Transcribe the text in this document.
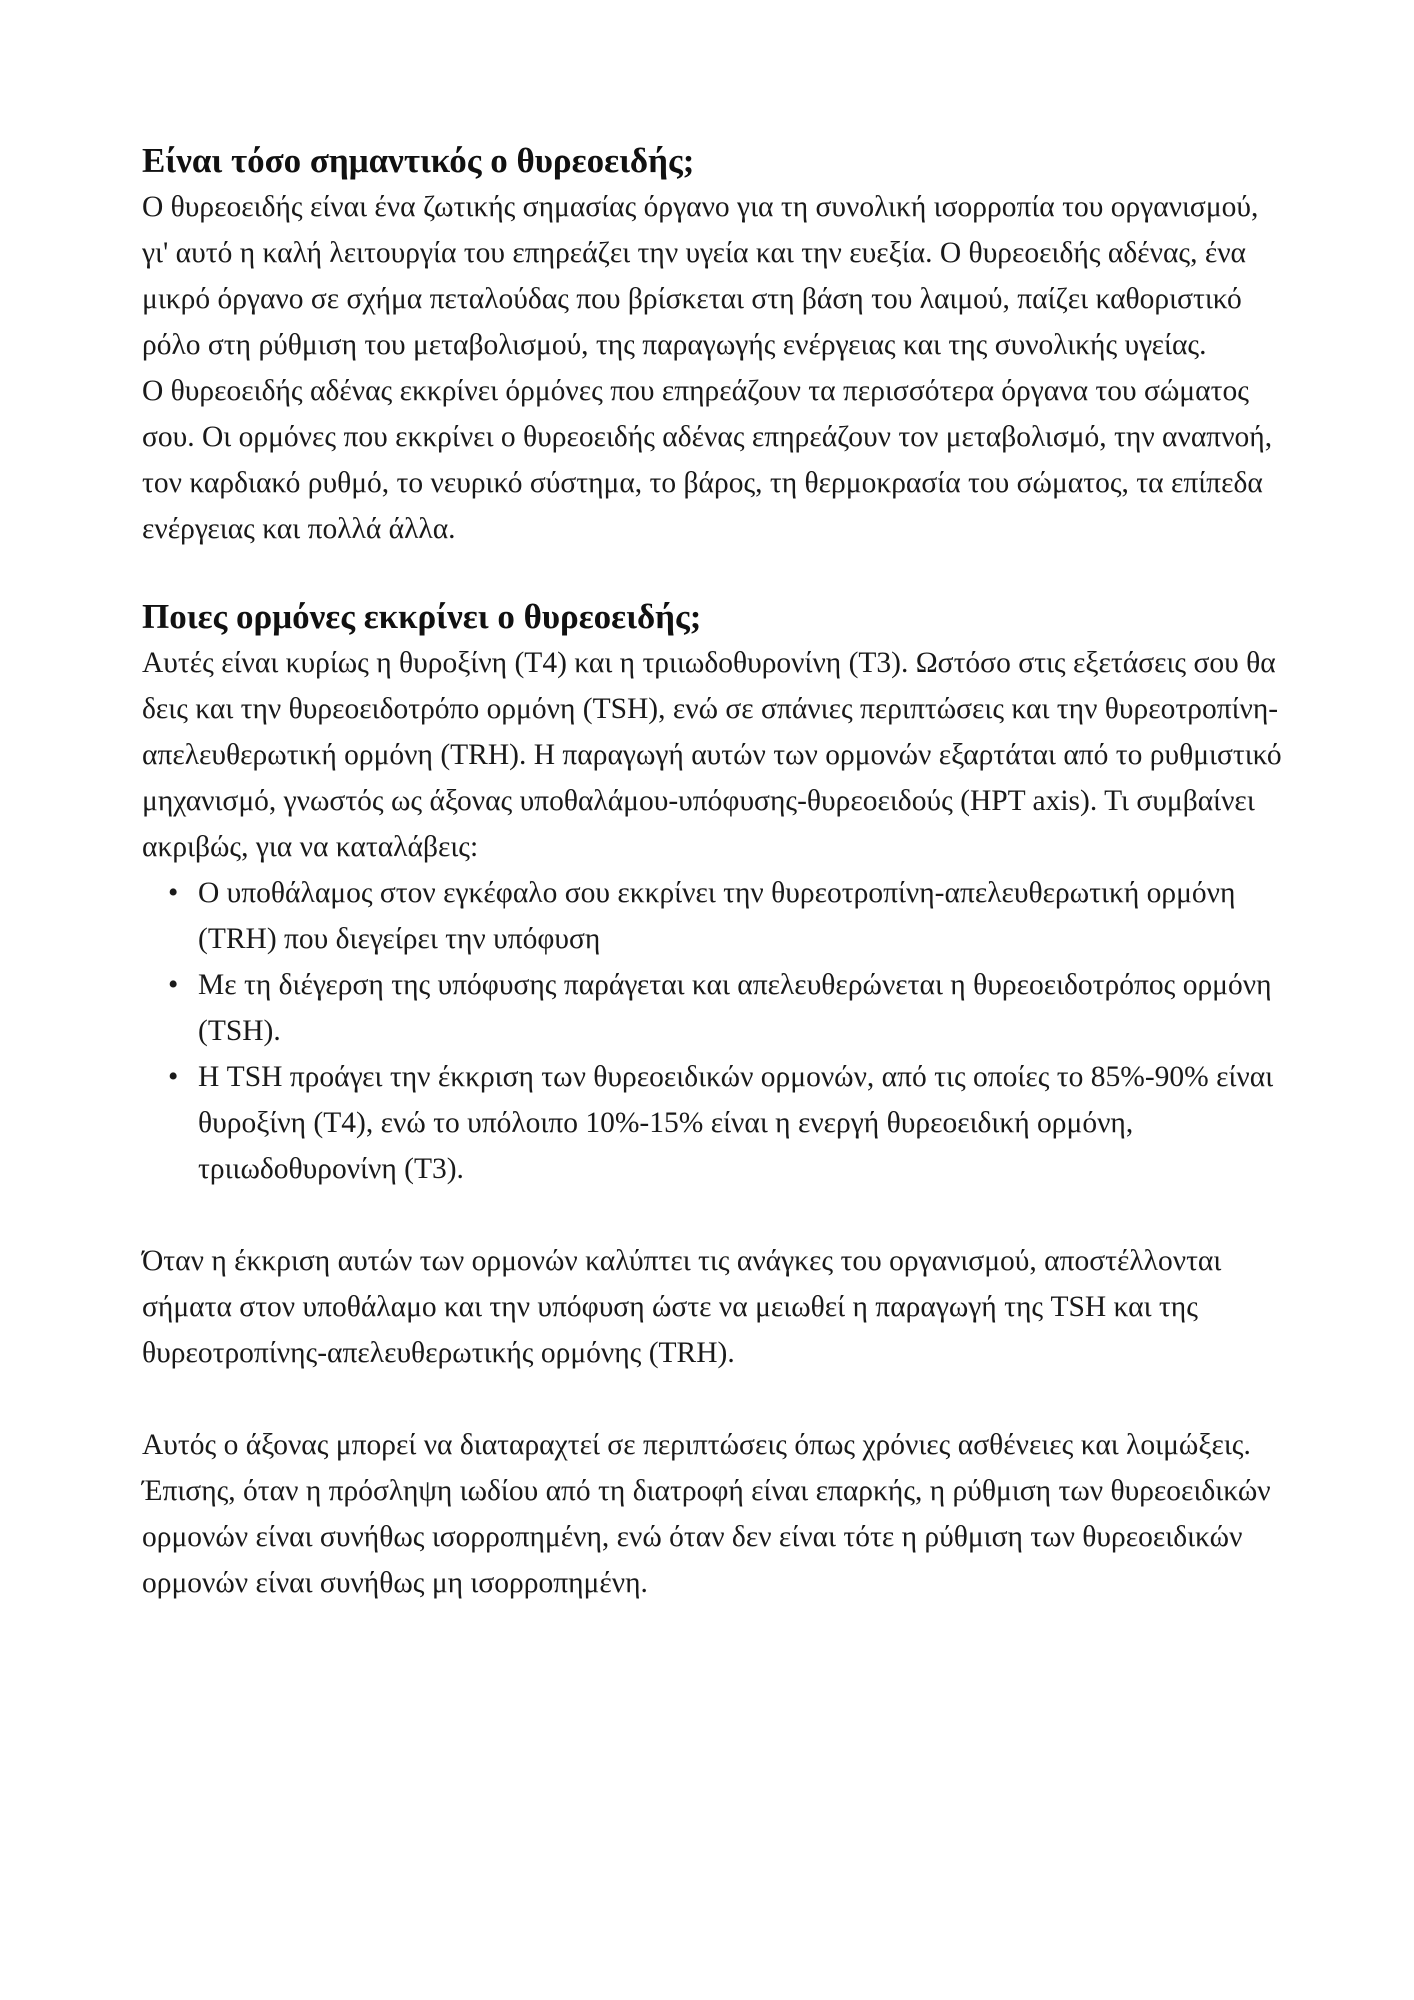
Είναι τόσο σημαντικός ο θυρεοειδής;

Ο θυρεοειδής είναι ένα ζωτικής σημασίας όργανο για τη συνολική ισορροπία του οργανισμού, γι' αυτό η καλή λειτουργία του επηρεάζει την υγεία και την ευεξία. Ο θυρεοειδής αδένας, ένα μικρό όργανο σε σχήμα πεταλούδας που βρίσκεται στη βάση του λαιμού, παίζει καθοριστικό ρόλο στη ρύθμιση του μεταβολισμού, της παραγωγής ενέργειας και της συνολικής υγείας.

Ο θυρεοειδής αδένας εκκρίνει όρμόνες που επηρεάζουν τα περισσότερα όργανα του σώματος σου. Οι ορμόνες που εκκρίνει ο θυρεοειδής αδένας επηρεάζουν τον μεταβολισμό, την αναπνοή, τον καρδιακό ρυθμό, το νευρικό σύστημα, το βάρος, τη θερμοκρασία του σώματος, τα επίπεδα ενέργειας και πολλά άλλα.

Ποιες ορμόνες εκκρίνει ο θυρεοειδής;

Αυτές είναι κυρίως η θυροξίνη (T4) και η τριιωδοθυρονίνη (T3). Ωστόσο στις εξετάσεις σου θα δεις και την θυρεοειδοτρόπο ορμόνη (TSH), ενώ σε σπάνιες περιπτώσεις και την θυρεοτροπίνη-απελευθερωτική ορμόνη (TRH). Η παραγωγή αυτών των ορμονών εξαρτάται από το ρυθμιστικό μηχανισμό, γνωστός ως άξονας υποθαλάμου-υπόφυσης-θυρεοειδούς (HPT axis). Τι συμβαίνει ακριβώς, για να καταλάβεις:

• Ο υποθάλαμος στον εγκέφαλο σου εκκρίνει την θυρεοτροπίνη-απελευθερωτική ορμόνη (TRH) που διεγείρει την υπόφυση
• Με τη διέγερση της υπόφυσης παράγεται και απελευθερώνεται η θυρεοειδοτρόπος ορμόνη (TSH).
• Η TSH προάγει την έκκριση των θυρεοειδικών ορμονών, από τις οποίες το 85%-90% είναι θυροξίνη (T4), ενώ το υπόλοιπο 10%-15% είναι η ενεργή θυρεοειδική ορμόνη, τριιωδοθυρονίνη (T3).

Όταν η έκκριση αυτών των ορμονών καλύπτει τις ανάγκες του οργανισμού, αποστέλλονται σήματα στον υποθάλαμο και την υπόφυση ώστε να μειωθεί η παραγωγή της TSH και της θυρεοτροπίνης-απελευθερωτικής ορμόνης (TRH).

Αυτός ο άξονας μπορεί να διαταραχτεί σε περιπτώσεις όπως χρόνιες ασθένειες και λοιμώξεις. Έπισης, όταν η πρόσληψη ιωδίου από τη διατροφή είναι επαρκής, η ρύθμιση των θυρεοειδικών ορμονών είναι συνήθως ισορροπημένη, ενώ όταν δεν είναι τότε η ρύθμιση των θυρεοειδικών ορμονών είναι συνήθως μη ισορροπημένη.
